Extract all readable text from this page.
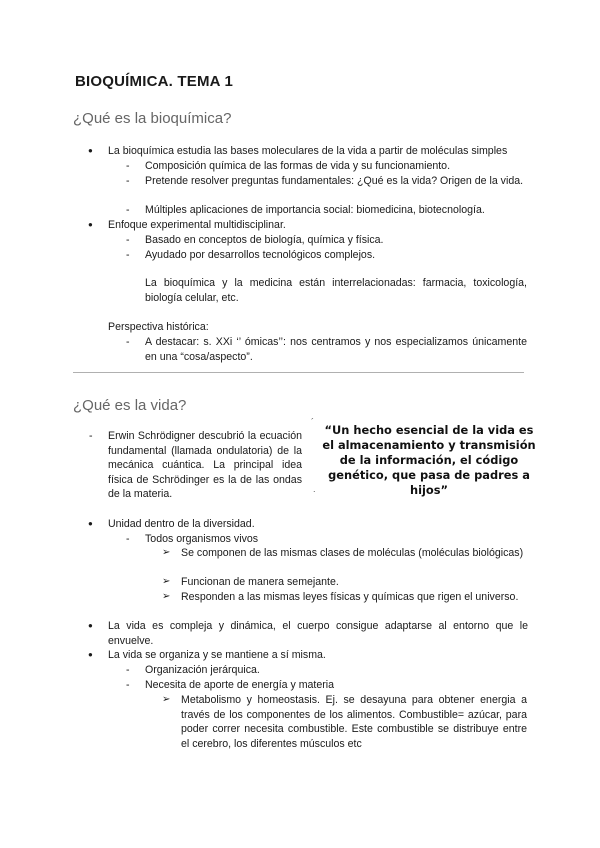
BIOQUÍMICA. TEMA 1
¿Qué es la bioquímica?
● La bioquímica estudia las bases moleculares de la vida a partir de moléculas simples
- Composición química de las formas de vida y su funcionamiento.
- Pretende resolver preguntas fundamentales: ¿Qué es la vida? Origen de la vida.
- Múltiples aplicaciones de importancia social: biomedicina, biotecnología.
● Enfoque experimental multidisciplinar.
- Basado en conceptos de biología, química y física.
- Ayudado por desarrollos tecnológicos complejos.
La bioquímica y la medicina están interrelacionadas: farmacia, toxicología, biología celular, etc.
Perspectiva histórica:
- A destacar: s. XXi ‘’ ómicas’’: nos centramos y nos especializamos únicamente en una “cosa/aspecto”.
¿Qué es la vida?
- Erwin Schrödigner descubrió la ecuación fundamental (llamada ondulatoria) de la mecánica cuántica. La principal idea física de Schrödinger es la de las ondas de la materia.
´
“Un hecho esencial de la vida es el almacenamiento y transmisión de la información, el código genético, que pasa de padres a hijos”
.
● Unidad dentro de la diversidad.
- Todos organismos vivos
➢ Se componen de las mismas clases de moléculas (moléculas biológicas)
➢ Funcionan de manera semejante.
➢ Responden a las mismas leyes físicas y químicas que rigen el universo.
● La vida es compleja y dinámica, el cuerpo consigue adaptarse al entorno que le envuelve.
● La vida se organiza y se mantiene a sí misma.
- Organización jerárquica.
- Necesita de aporte de energía y materia
➢ Metabolismo y homeostasis. Ej. se desayuna para obtener energia a través de los componentes de los alimentos. Combustible= azúcar, para poder correr necesita combustible. Este combustible se distribuye entre el cerebro, los diferentes músculos etc
